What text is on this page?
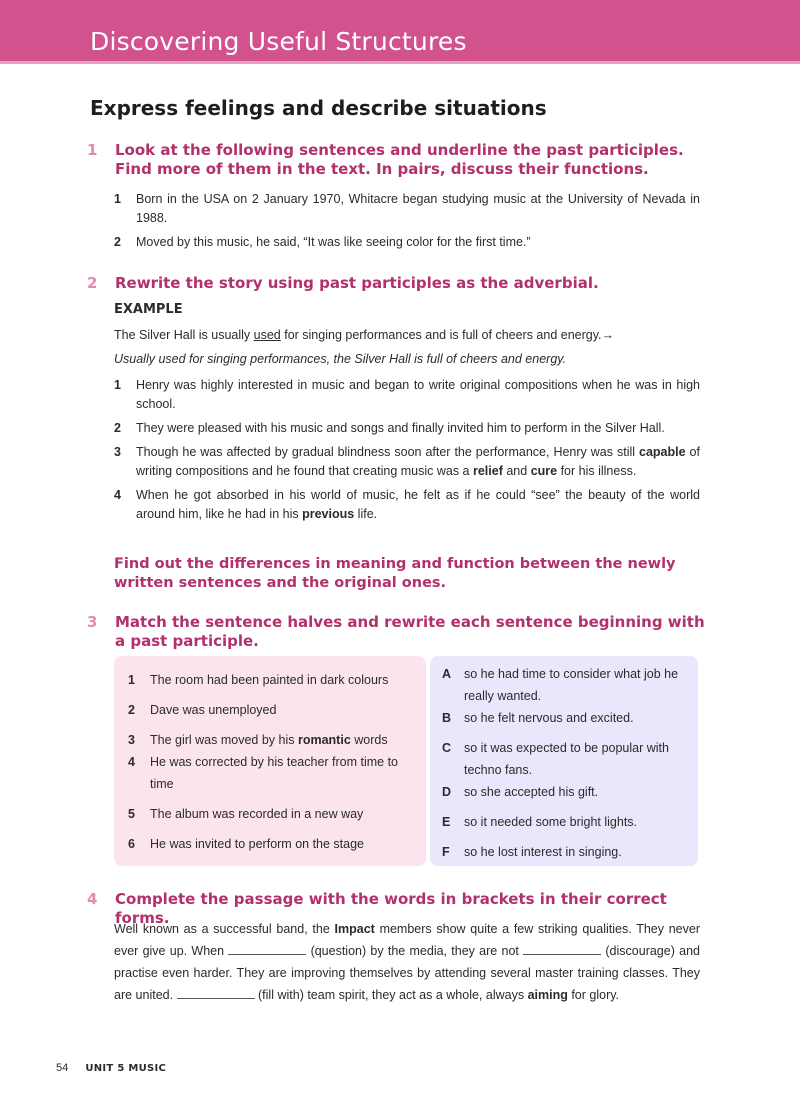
Discovering Useful Structures
Express feelings and describe situations
1 Look at the following sentences and underline the past participles. Find more of them in the text. In pairs, discuss their functions.
1 Born in the USA on 2 January 1970, Whitacre began studying music at the University of Nevada in 1988.
2 Moved by this music, he said, “It was like seeing color for the first time.”
2 Rewrite the story using past participles as the adverbial.
EXAMPLE
The Silver Hall is usually used for singing performances and is full of cheers and energy.→
Usually used for singing performances, the Silver Hall is full of cheers and energy.
1 Henry was highly interested in music and began to write original compositions when he was in high school.
2 They were pleased with his music and songs and finally invited him to perform in the Silver Hall.
3 Though he was affected by gradual blindness soon after the performance, Henry was still capable of writing compositions and he found that creating music was a relief and cure for his illness.
4 When he got absorbed in his world of music, he felt as if he could “see” the beauty of the world around him, like he had in his previous life.
Find out the differences in meaning and function between the newly written sentences and the original ones.
3 Match the sentence halves and rewrite each sentence beginning with a past participle.
1 The room had been painted in dark colours
2 Dave was unemployed
3 The girl was moved by his romantic words
4 He was corrected by his teacher from time to time
5 The album was recorded in a new way
6 He was invited to perform on the stage
A so he had time to consider what job he really wanted.
B so he felt nervous and excited.
C so it was expected to be popular with techno fans.
D so she accepted his gift.
E so it needed some bright lights.
F so he lost interest in singing.
4 Complete the passage with the words in brackets in their correct forms.
Well known as a successful band, the Impact members show quite a few striking qualities. They never ever give up. When	(question) by the media, they are not	(discourage) and practise even harder. They are improving themselves by attending several master training classes. They are united.	(fill with) team spirit, they act as a whole, always aiming for glory.
54 UNIT 5 MUSIC
